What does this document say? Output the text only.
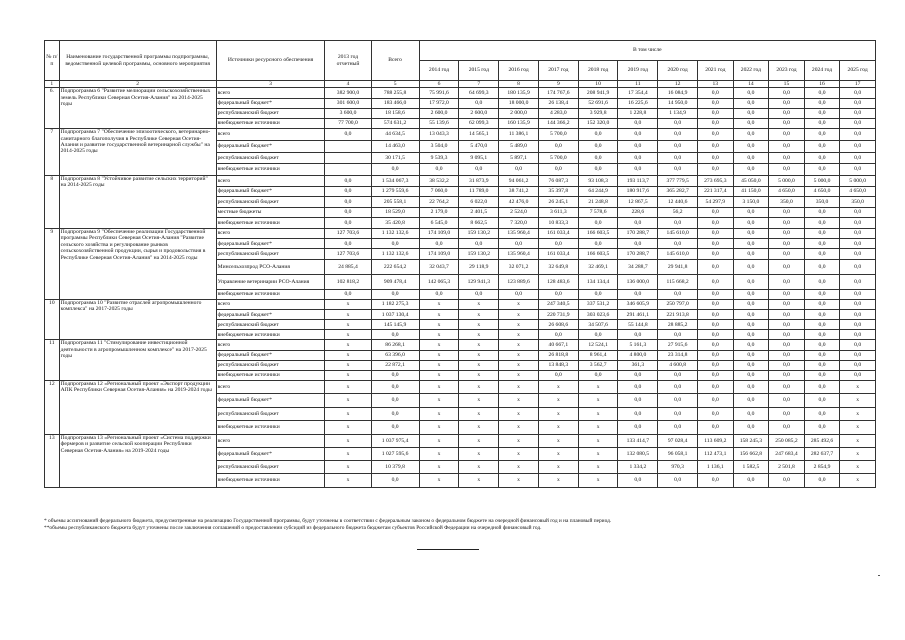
№ п/п	Наименование государственной программы подпрограммы, ведомственной целевой программы, основного мероприятия	Источники ресурсного обеспечения	2013 год отчетный	Всего	В том числе											
					2014 год	2015 год	2016 год	2017 год	2018 год	2019 год	2020 год	2021 год	2022 год	2023 год	2024 год	2025 год
1	2	3	4	5	6	7	8	9	10	11	12	13	14	15	16	17
6.	Подпрограмма 6 "Развитие мелиорации сельскохозяйственных земель Республики Северная Осетия-Алания" на 2014-2025 годы	всего	382 900,0	788 255,8	75 991,6	64 699,3	180 135,9	174 767,6	208 941,9	17 354,4	16 084,9	0,0	0,0	0,0	0,0	0,0
		федеральный бюджет*	301 600,0	183 466,0	17 972,0	0,0	18 000,0	26 138,4	52 691,6	16 225,6	14 950,0	0,0	0,0	0,0	0,0	0,0
		республиканский бюджет	3 600,0	18 158,6	2 600,0	2 600,0	2 000,0	4 283,0	3 929,8	1 228,8	1 134,9	0,0	0,0	0,0	0,0	0,0
		внебюджетные источники	77 700,0	574 631,2	55 139,6	62 099,3	160 135,9	144 366,2	152 320,0	0,0	0,0	0,0	0,0	0,0	0,0	0,0
7	Подпрограмма 7 "Обеспечение эпизоотического, ветеринарно-санитарного благополучия в Республике Северная Осетия-Алания и развитие государственной ветеринарной службы" на 2014-2025 годы	всего	0,0	44 634,5	13 043,3	14 565,1	11 386,1	5 700,0	0,0	0,0	0,0	0,0	0,0	0,0	0,0	0,0
		федеральный бюджет*		14 463,0	3 504,0	5 470,0	5 489,0	0,0	0,0	0,0	0,0	0,0	0,0	0,0	0,0	0,0
		республиканский бюджет		30 171,5	9 539,3	9 095,1	5 897,1	5 700,0	0,0	0,0	0,0	0,0	0,0	0,0	0,0	0,0
		внебюджетные источники		0,0	0,0	0,0	0,0	0,0	0,0	0,0	0,0	0,0	0,0	0,0	0,0	0,0
8	Подпрограмма 8 "Устойчивое развитие сельских территорий" на 2014-2025 годы	всего	0,0	1 534 067,3	38 532,2	31 873,9	94 061,2	76 087,3	93 108,3	193 113,7	377 779,5	273 695,3	45 050,0	5 000,0	5 000,0	5 000,0
		федеральный бюджет*	0,0	1 279 559,6	7 060,0	11 789,0	38 741,2	35 397,8	64 244,9	180 917,6	365 282,7	221 317,4	41 150,0	4 650,0	4 650,0	4 650,0
		республиканский бюджет	0,0	205 558,1	22 764,2	6 022,0	42 476,0	26 245,1	21 248,8	12 867,5	12 440,6	54 297,9	3 150,0	350,0	350,0	350,0
		местные бюджеты	0,0	18 529,0	2 179,0	2 401,5	2 524,0	3 611,3	7 578,6	228,6	56,2	0,0	0,0	0,0	0,0	0,0
		внебюджетные источники	0,0	35 420,8	6 545,0	8 662,5	7 320,0	10 833,3	0,0	0,0	0,0	0,0	0,0	0,0	0,0	0,0
9	Подпрограмма 9 "Обеспечение реализации Государственной программы Республики Северная Осетия-Алания "Развитие сельского хозяйства и регулирование рынков сельскохозяйственной продукции, сырья и продовольствия в Республике Северная Осетия-Алания" на 2014-2025 годы	всего	127 703,6	1 132 132,6	174 109,0	159 130,2	135 960,4	161 033,4	166 603,5	170 288,7	145 610,0	0,0	0,0	0,0	0,0	0,0
		федеральный бюджет*	0,0	0,0	0,0	0,0	0,0	0,0	0,0	0,0	0,0	0,0	0,0	0,0	0,0	0,0
		республиканский бюджет	127 703,6	1 132 132,6	174 109,0	159 130,2	135 960,4	161 033,4	166 603,5	170 288,7	145 610,0	0,0	0,0	0,0	0,0	0,0
		Минсельхозпрод РСО-Алания	24 885,4	222 654,2	32 043,7	29 118,9	32 071,2	32 649,8	32 469,1	34 288,7	29 941,8	0,0	0,0	0,0	0,0	0,0
		Управление ветеринарии РСО-Алания	102 818,2	909 478,4	142 065,3	129 941,3	123 889,6	128 483,6	134 134,4	136 000,0	115 668,2	0,0	0,0	0,0	0,0	0,0
		внебюджетные источники	0,0	0,0	0,0	0,0	0,0	0,0	0,0	0,0	0,0	0,0	0,0	0,0	0,0	0,0
10	Подпрограмма 10 "Развитие отраслей агропромышленного комплекса" на 2017-2025 годы	всего	x	1 182 275,3	x	x	x	247 340,5	337 531,2	346 605,9	250 797,0	0,0	0,0	0,0	0,0	0,0
		федеральный бюджет*	x	1 037 130,4	x	x	x	220 731,9	303 023,6	291 461,1	221 913,8	0,0	0,0	0,0	0,0	0,0
		республиканский бюджет	x	145 145,9	x	x	x	26 608,6	34 507,6	55 144,8	28 885,2	0,0	0,0	0,0	0,0	0,0
		внебюджетные источники	x	0,0	x	x	x	0,0	0,0	0,0	0,0	0,0	0,0	0,0	0,0	0,0
11	Подпрограмма 11 "Стимулирование инвестиционной деятельности в агропромышленном комплексе" на 2017-2025 годы	всего	x	86 268,1	x	x	x	40 667,1	12 524,1	5 161,3	27 915,6	0,0	0,0	0,0	0,0	0,0
		федеральный бюджет*	x	63 396,0	x	x	x	26 818,8	8 961,4	4 800,0	23 314,8	0,0	0,0	0,0	0,0	0,0
		республиканский бюджет	x	22 872,1	x	x	x	13 848,3	3 562,7	361,3	4 600,8	0,0	0,0	0,0	0,0	0,0
		внебюджетные источники	x	0,0	x	x	x	0,0	0,0	0,0	0,0	0,0	0,0	0,0	0,0	0,0
12	Подпрограмма 12 «Региональный проект «Экспорт продукции АПК Республики Северная Осетия-Алания» на 2019-2024 годы	всего	x	0,0	x	x	x	x	x	0,0	0,0	0,0	0,0	0,0	0,0	x
		федеральный бюджет*	x	0,0	x	x	x	x	x	0,0	0,0	0,0	0,0	0,0	0,0	x
		республиканский бюджет	x	0,0	x	x	x	x	x	0,0	0,0	0,0	0,0	0,0	0,0	x
		внебюджетные источники	x	0,0	x	x	x	x	x	0,0	0,0	0,0	0,0	0,0	0,0	x
13	Подпрограмма 13 «Региональный проект «Система поддержки фермеров и развитие сельской кооперации Республики Северная Осетия-Алания» на 2019-2024 годы	всего	x	1 037 975,4	x	x	x	x	x	133 414,7	97 028,4	113 609,2	158 245,3	250 085,2	285 492,6	x
		федеральный бюджет*	x	1 027 595,6	x	x	x	x	x	132 080,5	96 058,1	112 473,1	156 662,8	247 683,4	282 637,7	x
		республиканский бюджет	x	10 379,8	x	x	x	x	x	1 334,2	970,3	1 136,1	1 582,5	2 501,8	2 854,9	x
		внебюджетные источники	x	0,0	x	x	x	x	x	0,0	0,0	0,0	0,0	0,0	0,0	x

* объемы ассигнований федерального бюджета, предусмотренные на реализацию Государственной программы, будут уточнены в соответствии с федеральным законом о федеральном бюджете на очередной финансовый год и на плановый период.

**объемы республиканского бюджета будут уточнены после заключения соглашений о предоставлении субсидий из федерального бюджета бюджетам субъектов Российской Федерации на очередной финансовый год.
